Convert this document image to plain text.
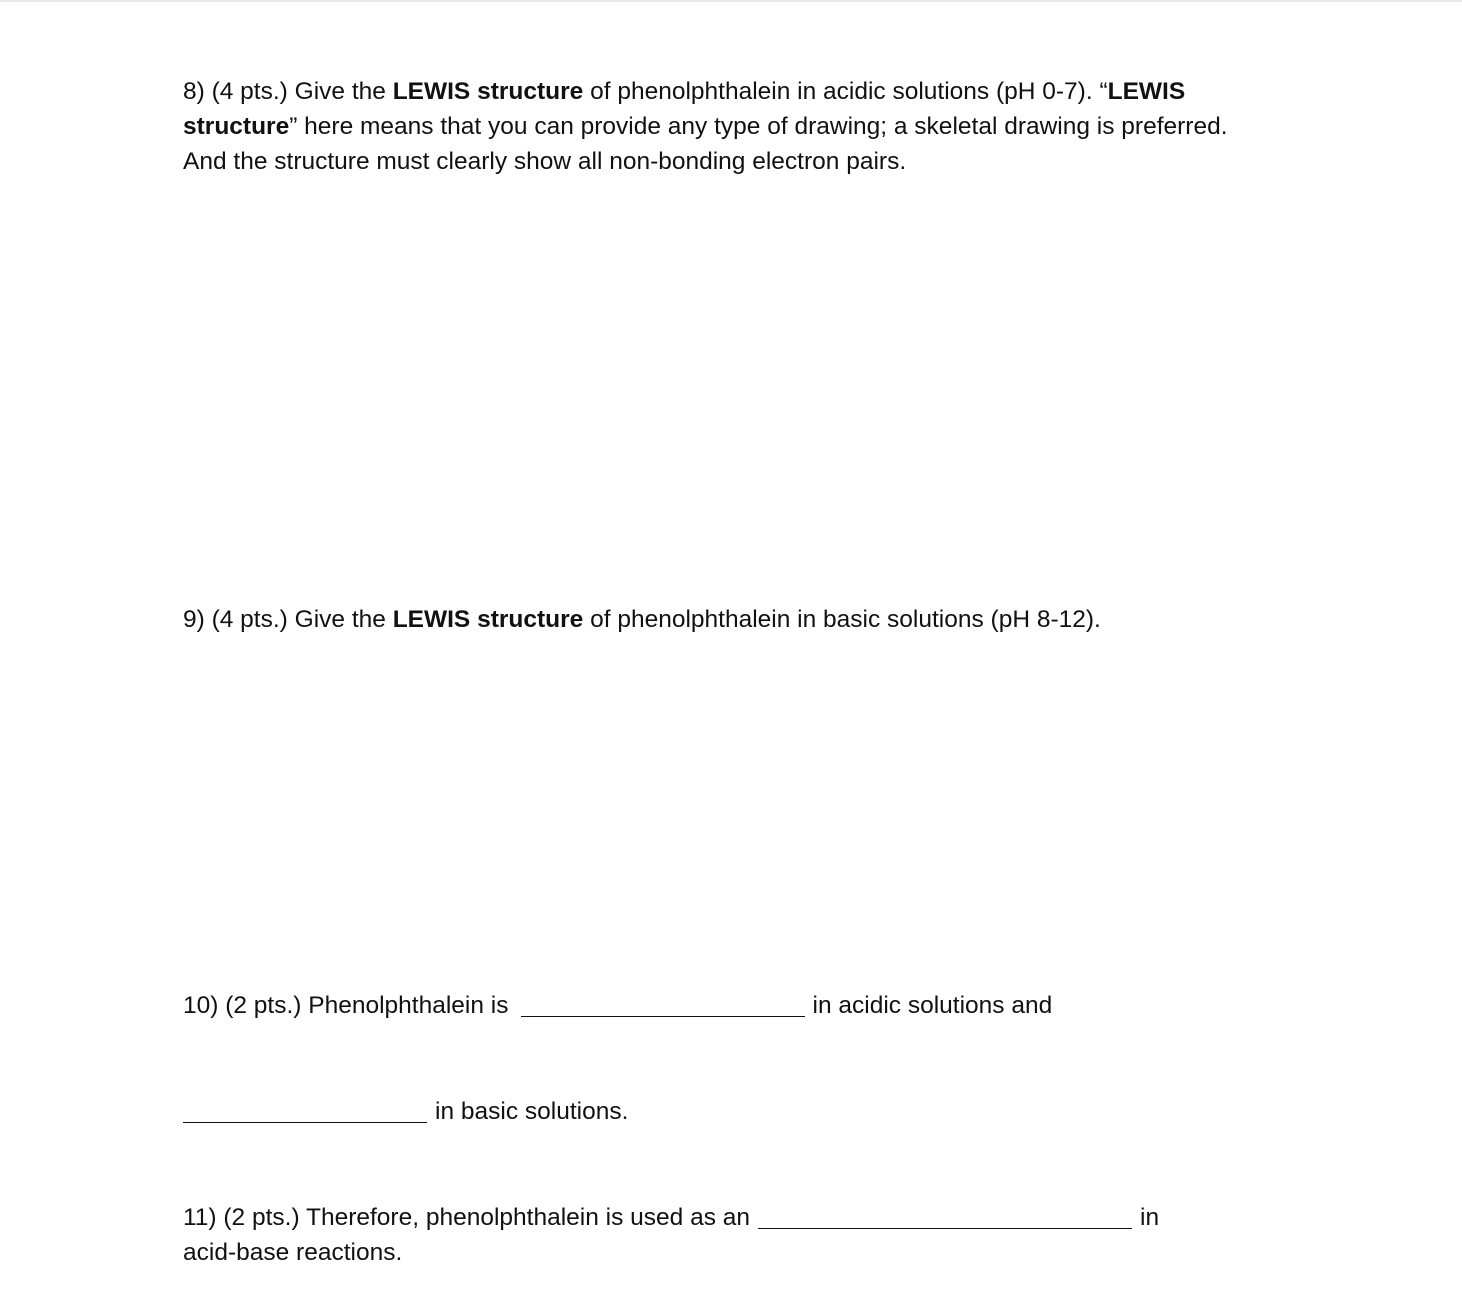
8) (4 pts.) Give the LEWIS structure of phenolphthalein in acidic solutions (pH 0-7). “LEWIS
structure” here means that you can provide any type of drawing; a skeletal drawing is preferred.
And the structure must clearly show all non-bonding electron pairs.
9) (4 pts.) Give the LEWIS structure of phenolphthalein in basic solutions (pH 8-12).
10) (2 pts.) Phenolphthalein is	in acidic solutions and
in basic solutions.
11) (2 pts.) Therefore, phenolphthalein is used as an	in
acid-base reactions.
